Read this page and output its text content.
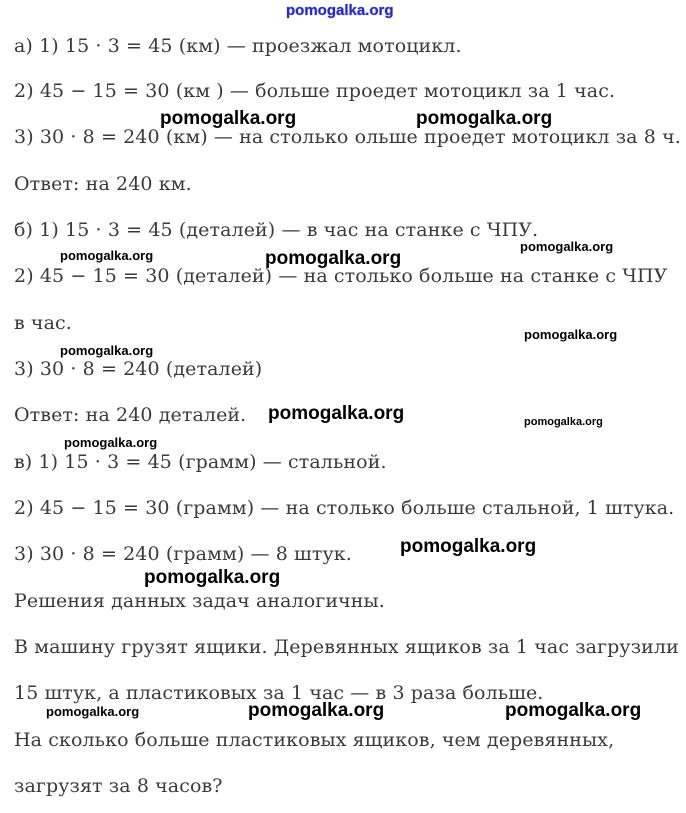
pomogalka.org
а) 1) 15 · 3 = 45 (км) — проезжал мотоцикл.
2) 45 − 15 = 30 (км ) — больше проедет мотоцикл за 1 час.
3) 30 · 8 = 240 (км) — на столько ольше проедет мотоцикл за 8 ч.
Ответ: на 240 км.
б) 1) 15 · 3 = 45 (деталей) — в час на станке с ЧПУ.
2) 45 − 15 = 30 (деталей) — на столько больше на станке с ЧПУ
в час.
3) 30 · 8 = 240 (деталей)
Ответ: на 240 деталей.
в) 1) 15 · 3 = 45 (грамм) — стальной.
2) 45 − 15 = 30 (грамм) — на столько больше стальной, 1 штука.
3) 30 · 8 = 240 (грамм) — 8 штук.
Решения данных задач аналогичны.
В машину грузят ящики. Деревянных ящиков за 1 час загрузили
15 штук, а пластиковых за 1 час — в 3 раза больше.
На сколько больше пластиковых ящиков, чем деревянных,
загрузят за 8 часов?
pomogalka.org	pomogalka.org
pomogalka.org
pomogalka.org	pomogalka.org
pomogalka.org
pomogalka.org
pomogalka.org	pomogalka.org
pomogalka.org
pomogalka.org
pomogalka.org
pomogalka.org	pomogalka.org	pomogalka.org
